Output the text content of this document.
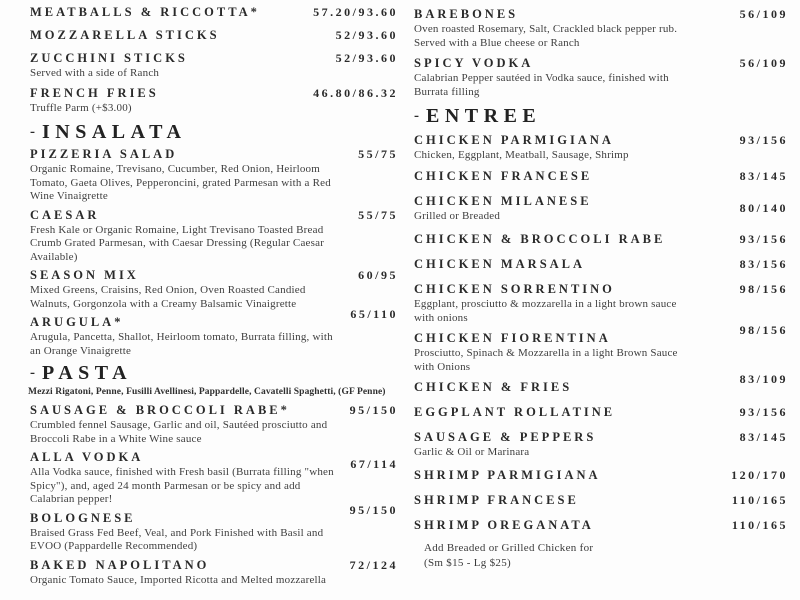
MEATBALLS & RICCOTTA*	57.20/93.60
MOZZARELLA STICKS	52/93.60
ZUCCHINI STICKS
Served with a side of Ranch
52/93.60
FRENCH FRIES
Truffle Parm (+$3.00)
46.80/86.32
- INSALATA
PIZZERIA SALAD
Organic Romaine, Trevisano, Cucumber, Red Onion, Heirloom Tomato, Gaeta Olives, Pepperoncini, grated Parmesan with a Red Wine Vinaigrette
55/75
CAESAR
Fresh Kale or Organic Romaine, Light Trevisano Toasted Bread Crumb Grated Parmesan, with Caesar Dressing (Regular Caesar Available)
55/75
SEASON MIX
Mixed Greens, Craisins, Red Onion, Oven Roasted Candied Walnuts, Gorgonzola with a Creamy Balsamic Vinaigrette
60/95
ARUGULA*
Arugula, Pancetta, Shallot, Heirloom tomato, Burrata filling, with an Orange Vinaigrette
65/110
- PASTA
Mezzi Rigatoni, Penne, Fusilli Avellinesi, Pappardelle, Cavatelli Spaghetti, (GF Penne)
SAUSAGE & BROCCOLI RABE*
Crumbled fennel Sausage, Garlic and oil, Sautéed prosciutto and Broccoli Rabe in a White Wine sauce
95/150
ALLA VODKA
Alla Vodka sauce, finished with Fresh basil (Burrata filling "when Spicy"), and, aged 24 month Parmesan or be spicy and add Calabrian pepper!
67/114
BOLOGNESE
Braised Grass Fed Beef, Veal, and Pork Finished with Basil and EVOO (Pappardelle Recommended)
95/150
BAKED NAPOLITANO
Organic Tomato Sauce, Imported Ricotta and Melted mozzarella
72/124
BAREBONES
Oven roasted Rosemary, Salt, Crackled black pepper rub. Served with a Blue cheese or Ranch
56/109
SPICY VODKA
Calabrian Pepper sautéed in Vodka sauce, finished with Burrata filling
56/109
- ENTREE
CHICKEN PARMIGIANA
Chicken, Eggplant, Meatball, Sausage, Shrimp
93/156
CHICKEN FRANCESE	83/145
CHICKEN MILANESE
Grilled or Breaded
80/140
CHICKEN & BROCCOLI RABE	93/156
CHICKEN MARSALA	83/156
CHICKEN SORRENTINO
Eggplant, prosciutto & mozzarella in a light brown sauce with onions
98/156
CHICKEN FIORENTINA
Prosciutto, Spinach & Mozzarella in a light Brown Sauce with Onions
98/156
CHICKEN & FRIES
83/109
EGGPLANT ROLLATINE	93/156
SAUSAGE & PEPPERS
Garlic & Oil or Marinara
83/145
SHRIMP PARMIGIANA	120/170
SHRIMP FRANCESE	110/165
SHRIMP OREGANATA	110/165
Add Breaded or Grilled Chicken for
(Sm $15 - Lg $25)
